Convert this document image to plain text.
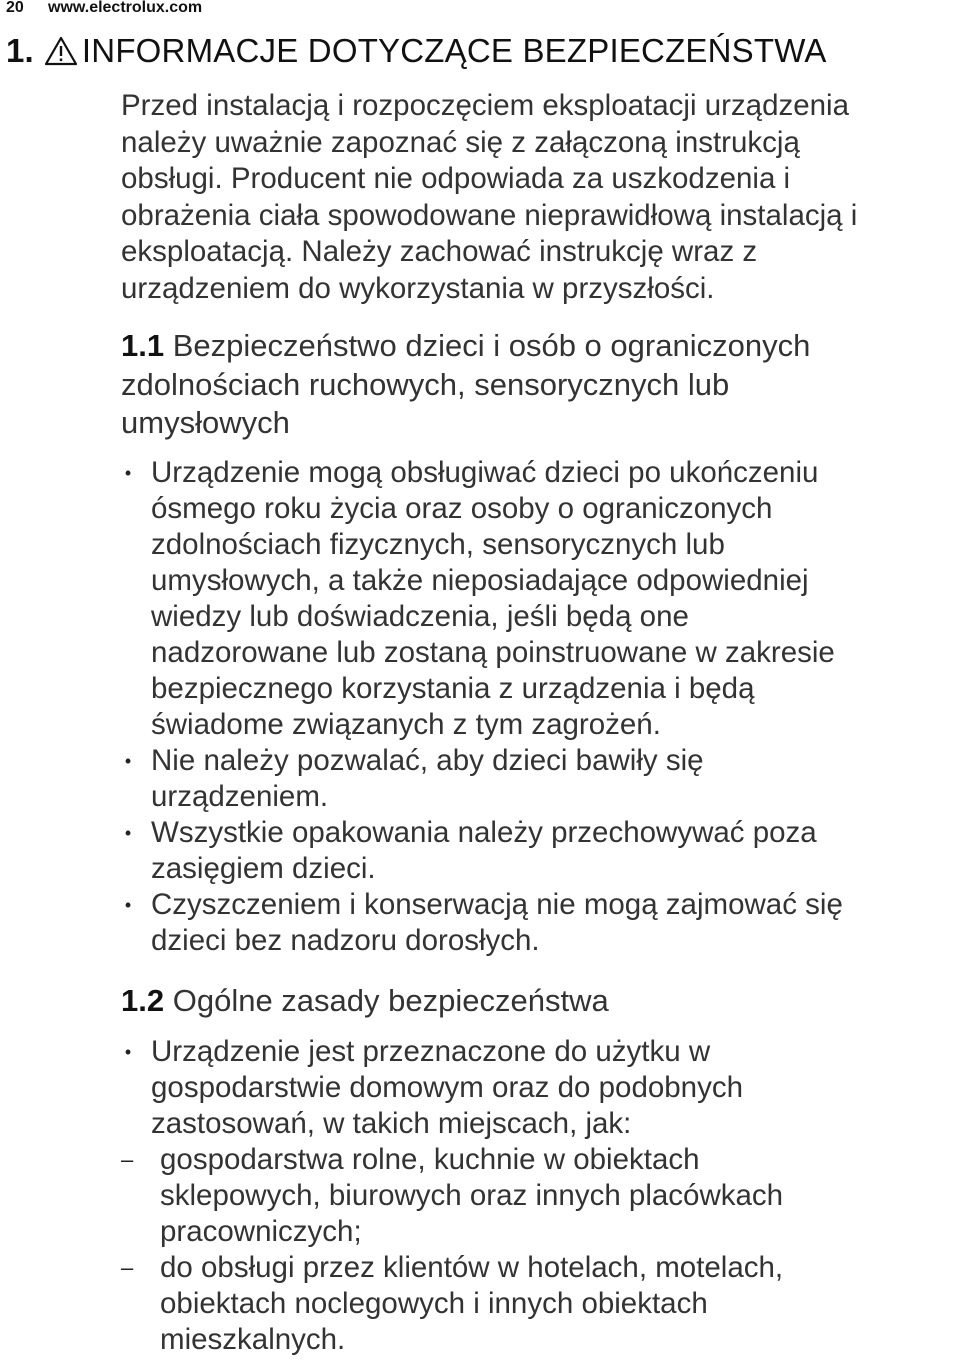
20 www.electrolux.com
1. INFORMACJE DOTYCZĄCE BEZPIECZEŃSTWA

Przed instalacją i rozpoczęciem eksploatacji urządzenia

należy uważnie zapoznać się z załączoną instrukcją

obsługi. Producent nie odpowiada za uszkodzenia i

obrażenia ciała spowodowane nieprawidłową instalacją i

eksploatacją. Należy zachować instrukcję wraz z

urządzeniem do wykorzystania w przyszłości.

1.1 Bezpieczeństwo dzieci i osób o ograniczonych

zdolnościach ruchowych, sensorycznych lub

umysłowych

• Urządzenie mogą obsługiwać dzieci po ukończeniu
ósmego roku życia oraz osoby o ograniczonych
zdolnościach fizycznych, sensorycznych lub
umysłowych, a także nieposiadające odpowiedniej
wiedzy lub doświadczenia, jeśli będą one
nadzorowane lub zostaną poinstruowane w zakresie
bezpiecznego korzystania z urządzenia i będą
świadome związanych z tym zagrożeń.
• Nie należy pozwalać, aby dzieci bawiły się
urządzeniem.
• Wszystkie opakowania należy przechowywać poza
zasięgiem dzieci.
• Czyszczeniem i konserwacją nie mogą zajmować się
dzieci bez nadzoru dorosłych.

1.2 Ogólne zasady bezpieczeństwa

• Urządzenie jest przeznaczone do użytku w
gospodarstwie domowym oraz do podobnych
zastosowań, w takich miejscach, jak:
– gospodarstwa rolne, kuchnie w obiektach
sklepowych, biurowych oraz innych placówkach
pracowniczych;
– do obsługi przez klientów w hotelach, motelach,
obiektach noclegowych i innych obiektach
mieszkalnych.
